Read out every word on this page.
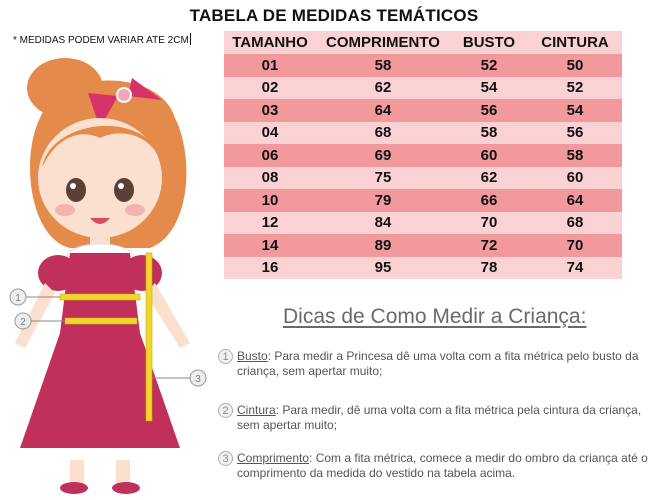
TABELA DE MEDIDAS TEMÁTICOS
* MEDIDAS PODEM VARIAR ATE 2CM	TAMANHO	COMPRIMENTO	BUSTO	CINTURA
01	58	52	50
02	62	54	52
03	64	56	54
04	68	58	56
06	69	60	58
08	75	62	60
10	79	66	64
12	84	70	68
14	89	72	70
16	95	78	74
Dicas de Como Medir a Criança:
1 Busto: Para medir a Princesa dê uma volta com a fita métrica pelo busto da criança, sem apertar muito;
2 Cintura: Para medir, dê uma volta com a fita métrica pela cintura da criança, sem apertar muito;
3 Comprimento: Com a fita métrica, comece a medir do ombro da criança até o comprimento da medida do vestido na tabela acima.
1
2
3
